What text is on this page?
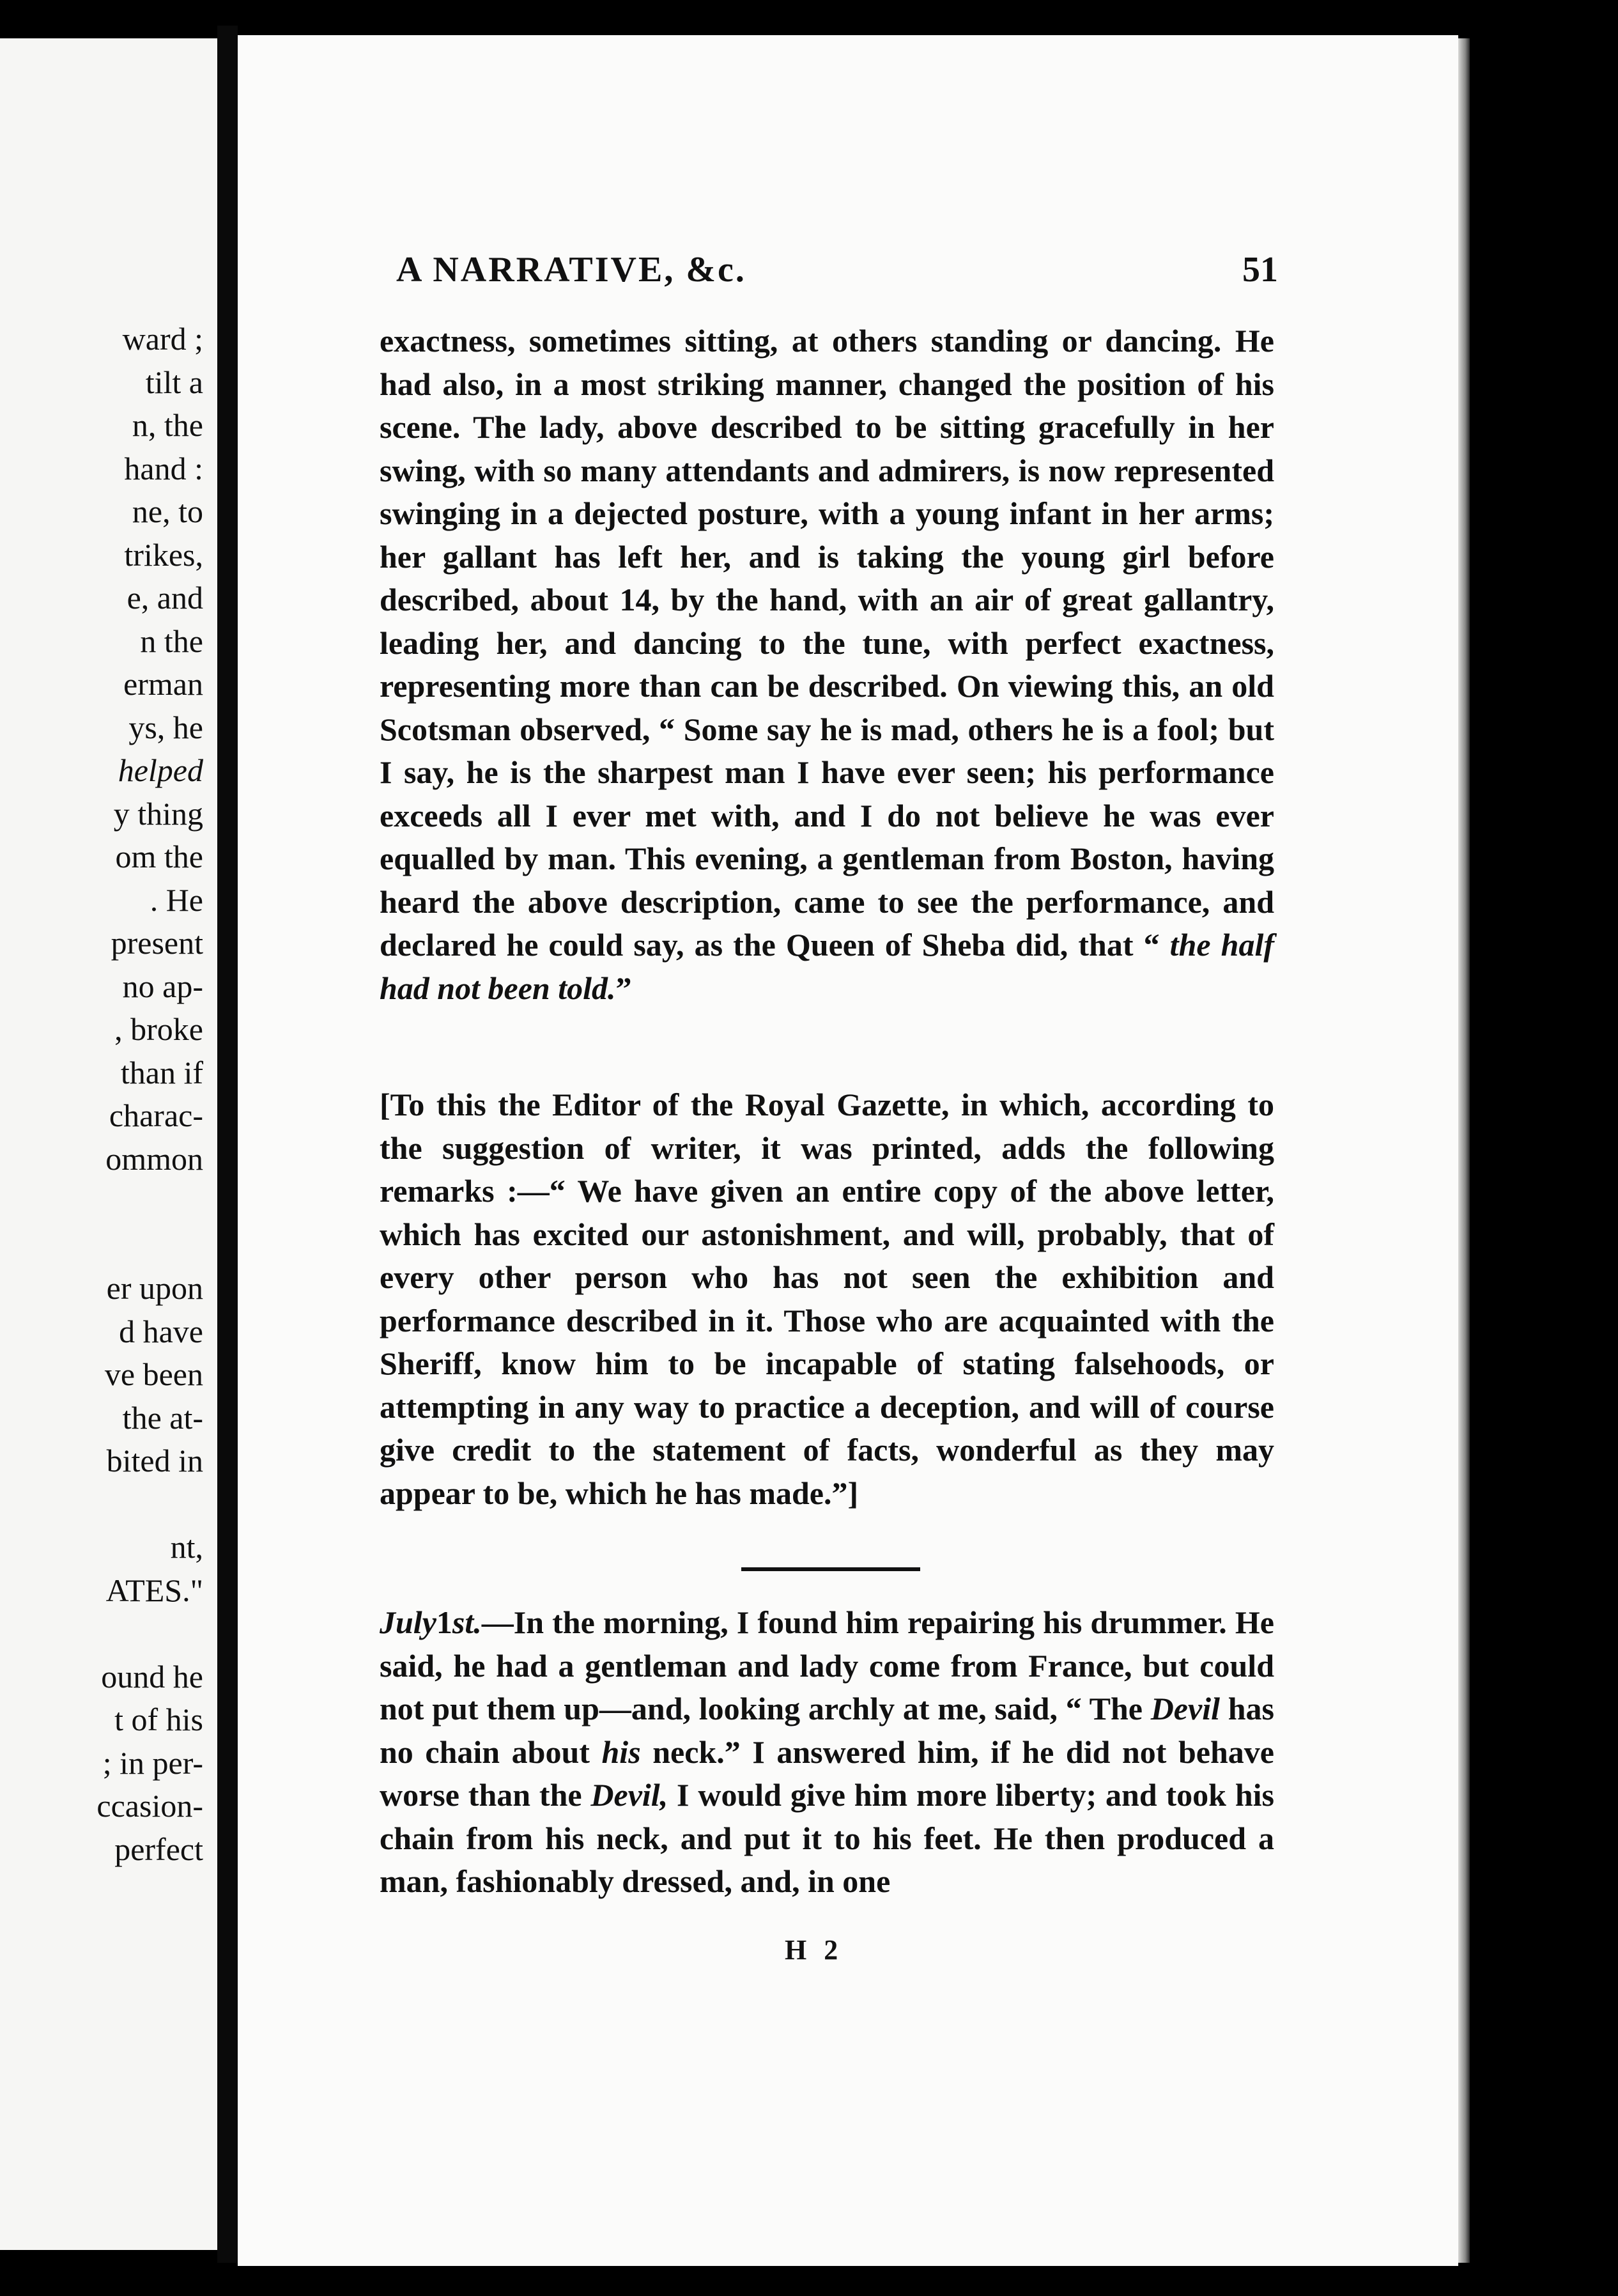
ward ;
tilt a
n, the
hand :
ne, to
trikes,
e, and
n the
erman
ys, he
helped
y thing
om the
. He
present
no ap-
, broke
than if
charac-
ommon
er upon
d have
ve been
the at-
bited in
nt,
ATES."
ound he
t of his
; in per-
ccasion-
perfect
A NARRATIVE, &c.	51
exactness, sometimes sitting, at others standing or dancing. He had also, in a most striking manner, changed the position of his scene. The lady, above described to be sitting gracefully in her swing, with so many attendants and admirers, is now represented swinging in a dejected posture, with a young infant in her arms; her gallant has left her, and is taking the young girl before described, about 14, by the hand, with an air of great gallantry, leading her, and dancing to the tune, with perfect exactness, representing more than can be described. On viewing this, an old Scotsman observed, “ Some say he is mad, others he is a fool; but I say, he is the sharpest man I have ever seen; his performance exceeds all I ever met with, and I do not believe he was ever equalled by man. This evening, a gentleman from Boston, having heard the above description, came to see the performance, and declared he could say, as the Queen of Sheba did, that “ the half had not been told.”
[To this the Editor of the Royal Gazette, in which, according to the suggestion of writer, it was printed, adds the following remarks :—“ We have given an entire copy of the above letter, which has excited our astonishment, and will, probably, that of every other person who has not seen the exhibition and performance described in it. Those who are acquainted with the Sheriff, know him to be incapable of stating falsehoods, or attempting in any way to practice a deception, and will of course give credit to the statement of facts, wonderful as they may appear to be, which he has made.”]
July1st.—In the morning, I found him repairing his drummer. He said, he had a gentleman and lady come from France, but could not put them up—and, looking archly at me, said, “ The Devil has no chain about his neck.” I answered him, if he did not behave worse than the Devil, I would give him more liberty; and took his chain from his neck, and put it to his feet. He then produced a man, fashionably dressed, and, in one
H 2
